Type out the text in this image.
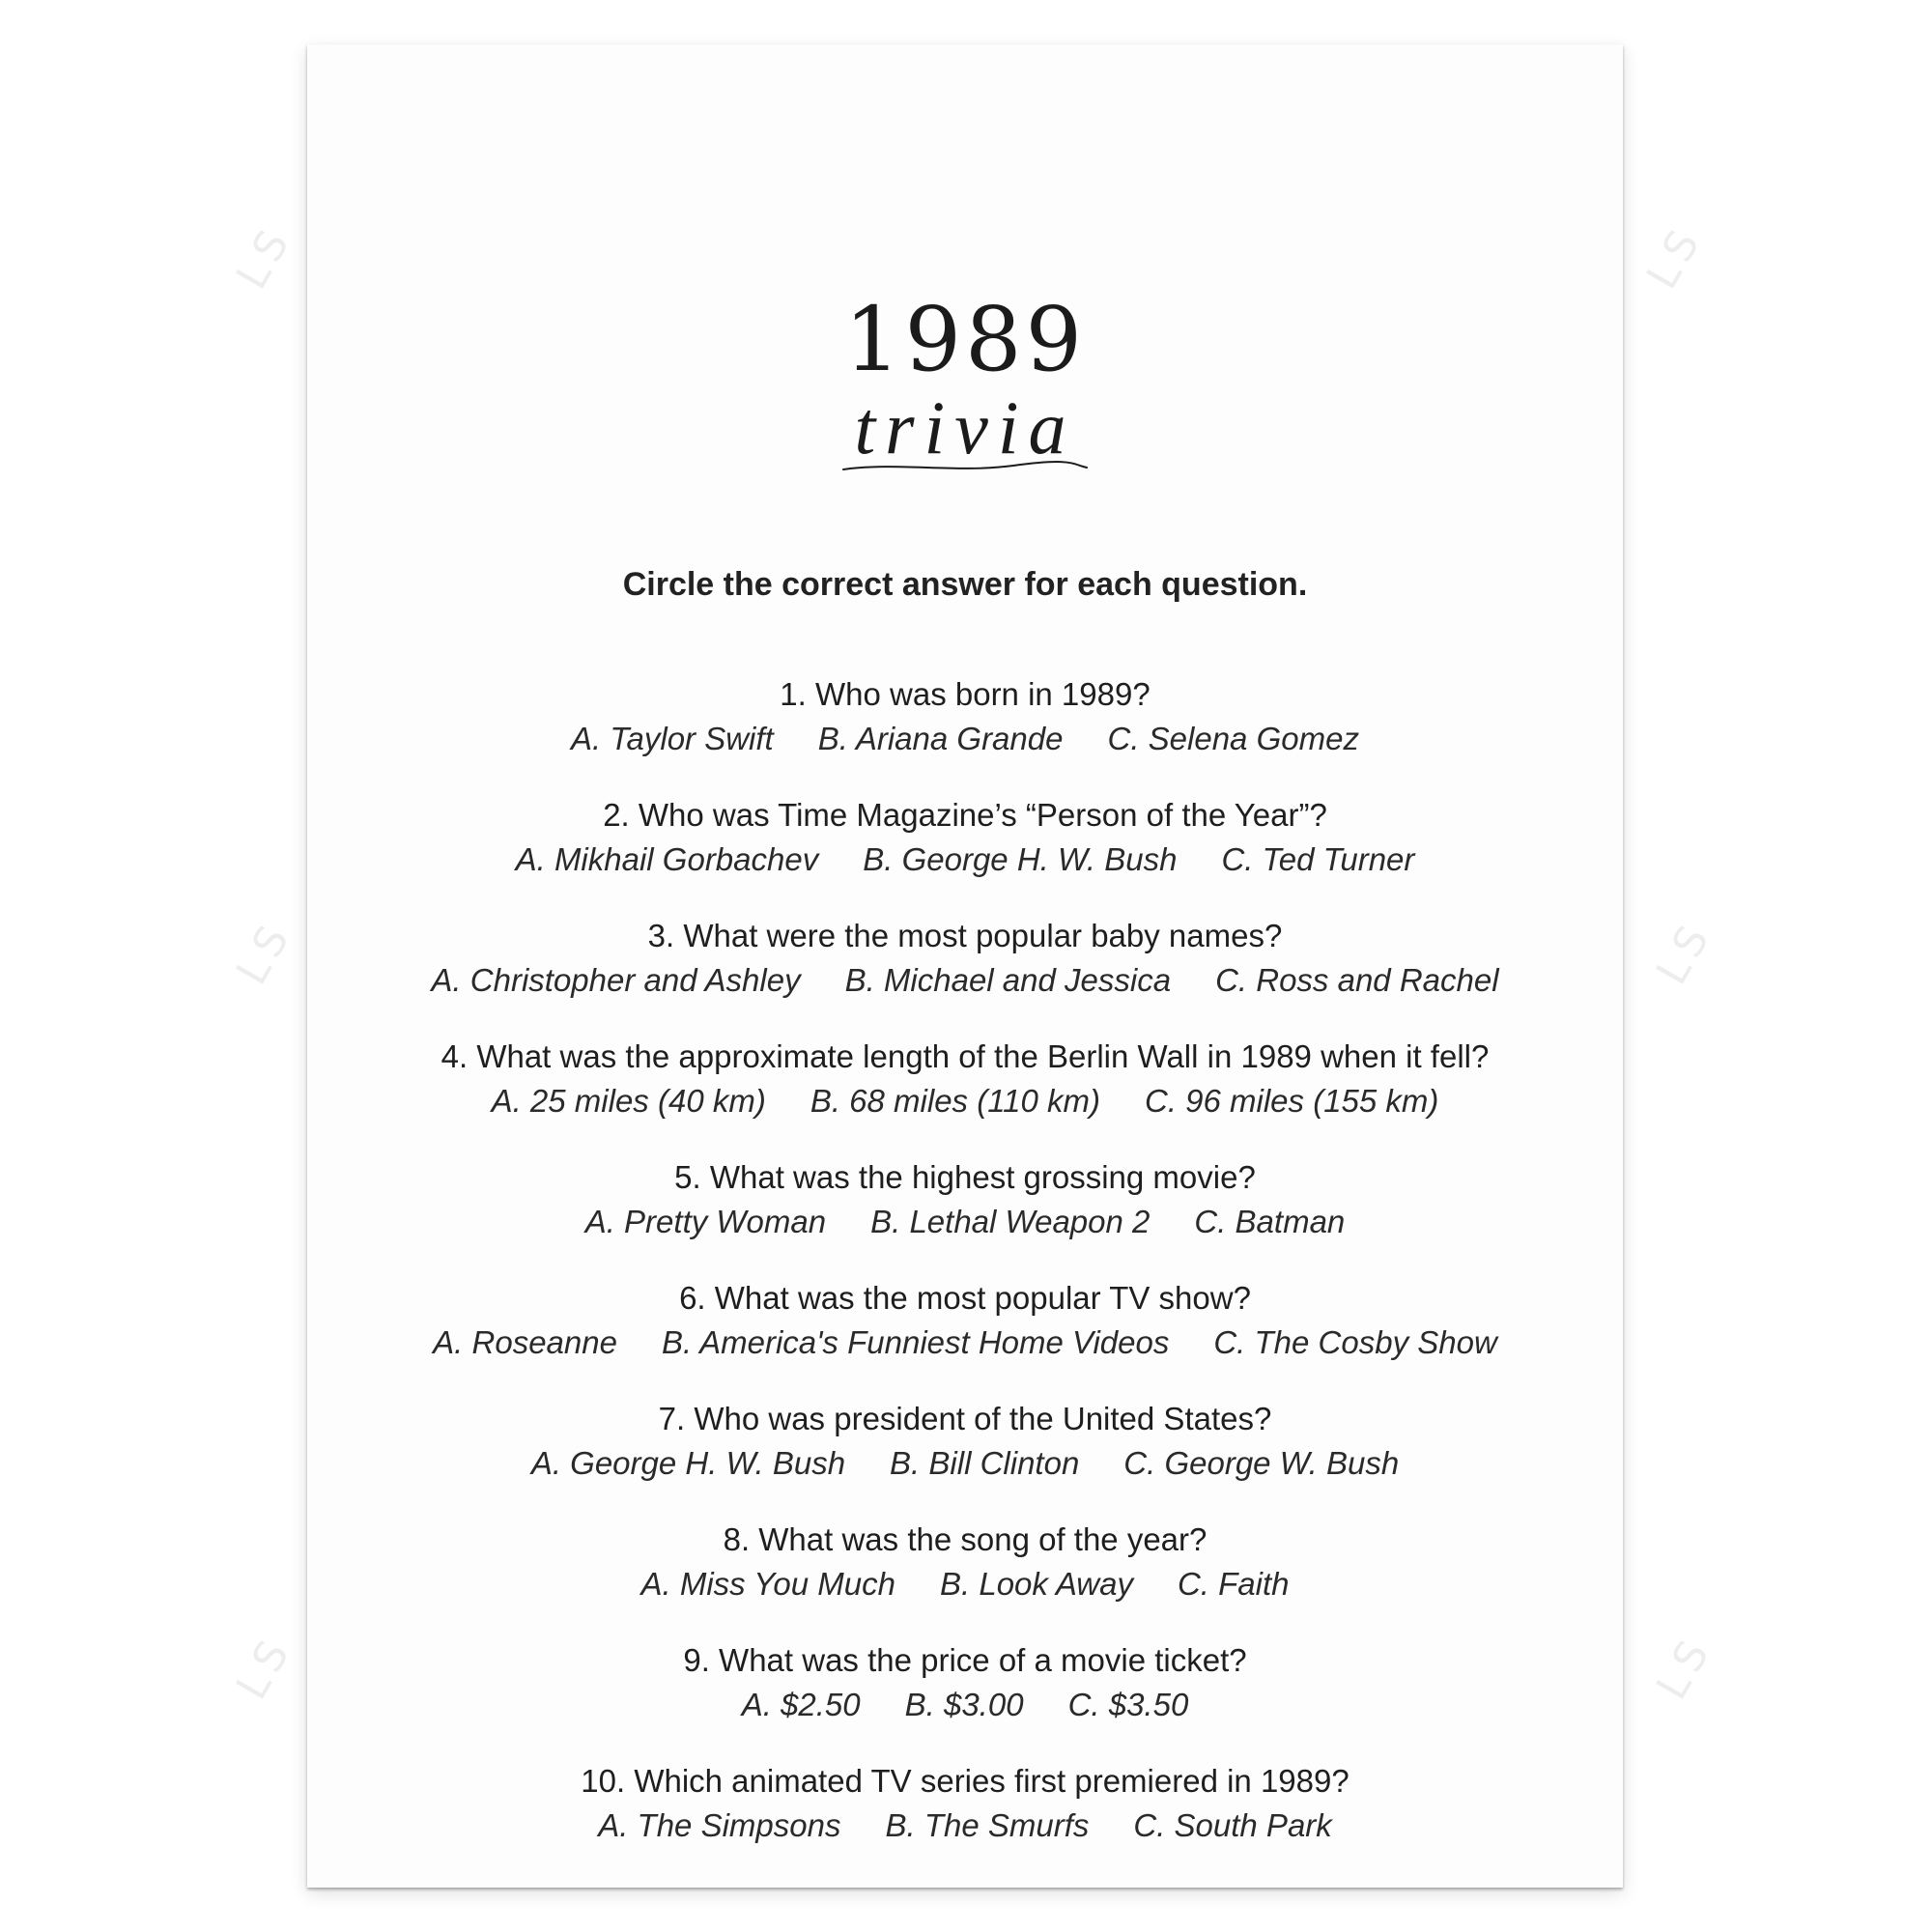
LS
LS
LS
LS
LS
LS
1989
trivia
Circle the correct answer for each question.
1. Who was born in 1989?
A. Taylor Swift B. Ariana Grande C. Selena Gomez
2. Who was Time Magazine’s “Person of the Year”?
A. Mikhail Gorbachev B. George H. W. Bush C. Ted Turner
3. What were the most popular baby names?
A. Christopher and Ashley B. Michael and Jessica C. Ross and Rachel
4. What was the approximate length of the Berlin Wall in 1989 when it fell?
A. 25 miles (40 km) B. 68 miles (110 km) C. 96 miles (155 km)
5. What was the highest grossing movie?
A. Pretty Woman B. Lethal Weapon 2 C. Batman
6. What was the most popular TV show?
A. Roseanne B. America's Funniest Home Videos C. The Cosby Show
7. Who was president of the United States?
A. George H. W. Bush B. Bill Clinton C. George W. Bush
8. What was the song of the year?
A. Miss You Much B. Look Away C. Faith
9. What was the price of a movie ticket?
A. $2.50 B. $3.00 C. $3.50
10. Which animated TV series first premiered in 1989?
A. The Simpsons B. The Smurfs C. South Park
